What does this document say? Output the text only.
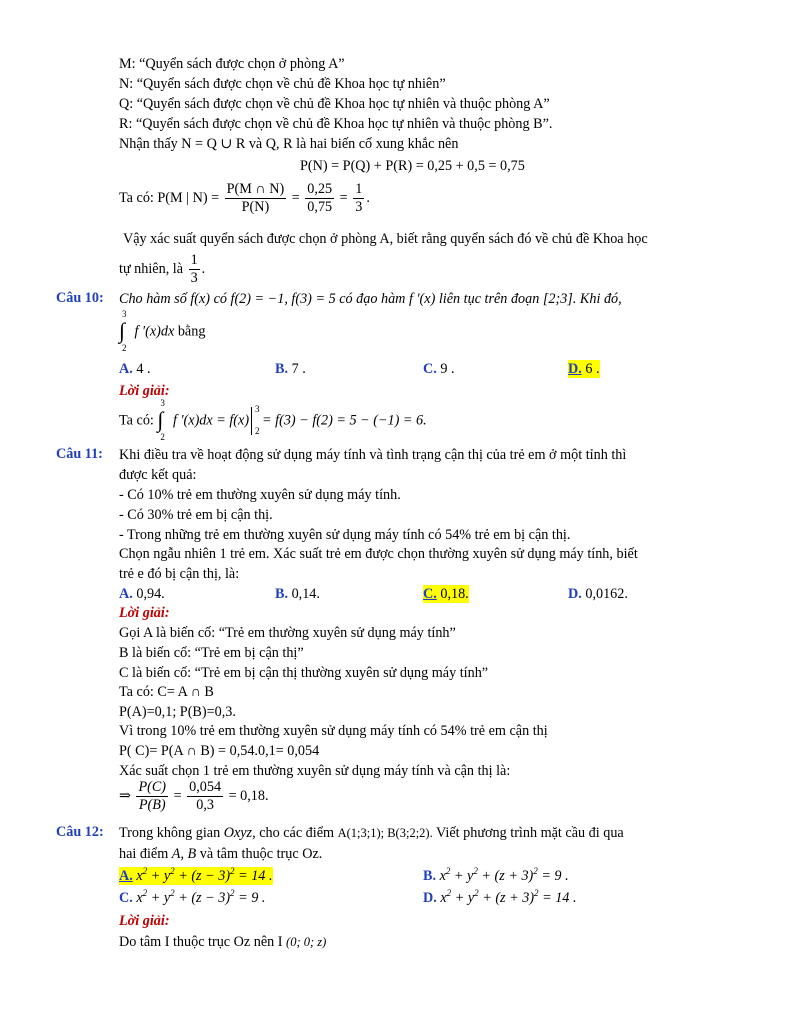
M: “Quyển sách được chọn ở phòng A”
N: “Quyển sách được chọn về chủ đề Khoa học tự nhiên”
Q: “Quyển sách được chọn về chủ đề Khoa học tự nhiên và thuộc phòng A”
R: “Quyển sách được chọn về chủ đề Khoa học tự nhiên và thuộc phòng B”.
Nhận thấy N = Q ∪ R và Q, R là hai biến cố xung khắc nên
P(N) = P(Q) + P(R) = 0,25 + 0,5 = 0,75
Ta có: P(M | $N) = \frac{P(M \cap N)}{P(N)} = \frac{0,25}{0,75} = \frac{1}{3}$ .
Vậy xác suất quyển sách được chọn ở phòng A, biết rằng quyển sách đó về chủ đề Khoa học
tự nhiên, là $\frac{1}{3}$ .
Câu 10: Cho hàm số f(x) có f(2) = −1, f(3) = 5 có đạo hàm f ′(x) liên tục trên đoạn [2;3]. Khi đó,
3
∫
2
f ′(x)dx bằng
A. 4 .	B. 7 .	C. 9 .	D. 6 .
Lời giải:
Ta có:
3
∫
2
f ′(x)dx = f(x)
3
2
= f(3) − f(2) = 5 − (−1) = 6.
Câu 11: Khi điều tra về hoạt động sử dụng máy tính và tình trạng cận thị của trẻ em ở một tỉnh thì
được kết quả:
- Có 10% trẻ em thường xuyên sử dụng máy tính.
- Có 30% trẻ em bị cận thị.
- Trong những trẻ em thường xuyên sử dụng máy tính có 54% trẻ em bị cận thị.
Chọn ngẫu nhiên 1 trẻ em. Xác suất trẻ em được chọn thường xuyên sử dụng máy tính, biết
trẻ e đó bị cận thị, là:
A. 0,94.	B. 0,14.	C. 0,18.	D. 0,0162.
Lời giải:
Gọi A là biến cố: “Trẻ em thường xuyên sử dụng máy tính”
B là biến cố: “Trẻ em bị cận thị”
C là biến cố: “Trẻ em bị cận thị thường xuyên sử dụng máy tính”
Ta có: C= A ∩ B
P(A)=0,1; P(B)=0,3.
Vì trong 10% trẻ em thường xuyên sử dụng máy tính có 54% trẻ em cận thị
P( C)= P(A ∩ B) = 0,54.0,1= 0,054
Xác suất chọn 1 trẻ em thường xuyên sử dụng máy tính và cận thị là:
⇒ $\frac{P(C)}{P(B)} = \frac{0,054}{0,3} = 0,18$.
Câu 12: Trong không gian Oxyz, cho các điểm A(1;3;1); B(3;2;2). Viết phương trình mặt cầu đi qua
hai điểm A, B và tâm thuộc trục Oz.
A. $x^2 + y^2 + (z - 3)^2 = 14$ .	B. $x^2 + y^2 + (z + 3)^2 = 9$ .
C. $x^2 + y^2 + (z - 3)^2 = 9$ .	D. $x^2 + y^2 + (z + 3)^2 = 14$ .
Lời giải:
Do tâm I thuộc trục Oz nên I (0; 0; z)
